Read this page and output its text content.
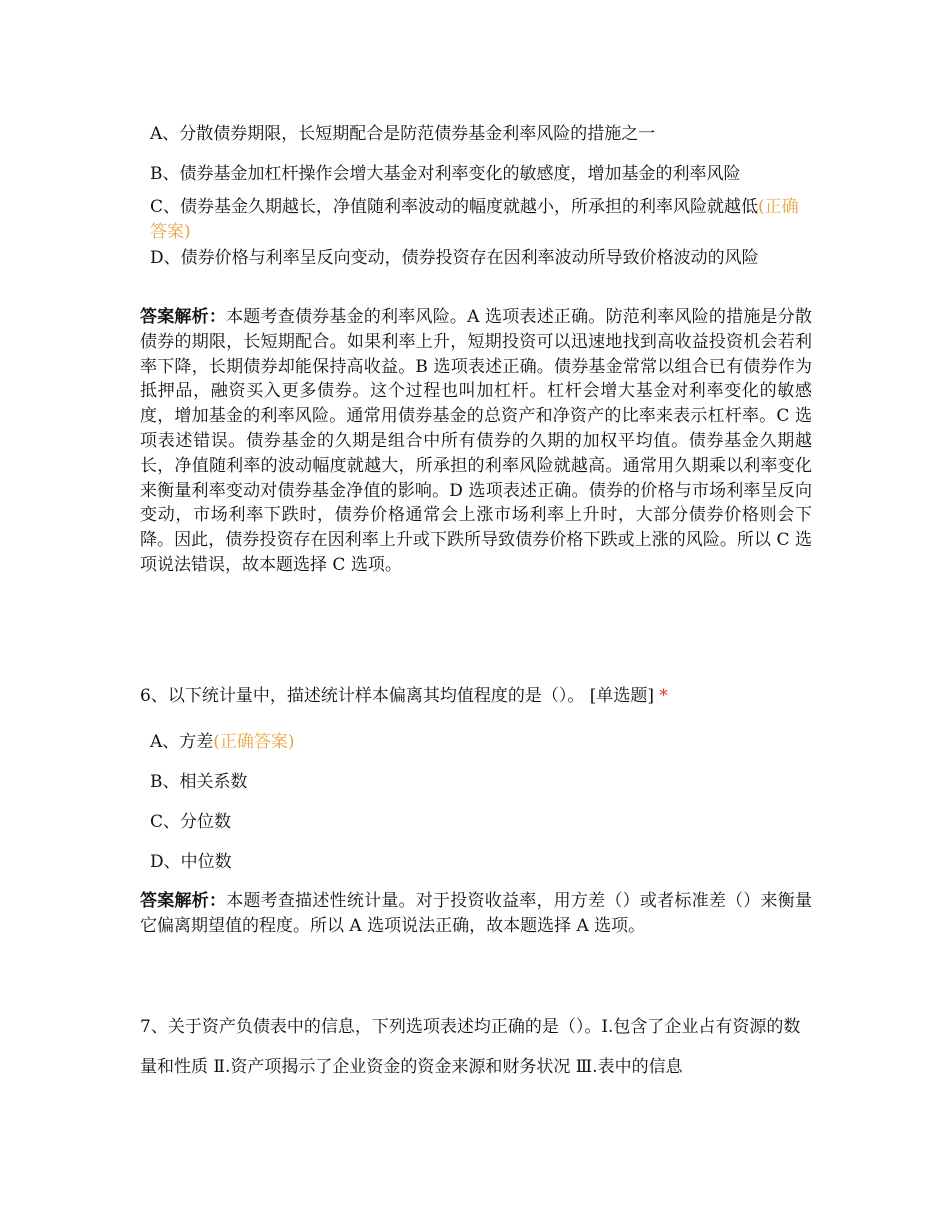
A、分散债券期限，长短期配合是防范债券基金利率风险的措施之一
B、债券基金加杠杆操作会增大基金对利率变化的敏感度，增加基金的利率风险
C、债券基金久期越长，净值随利率波动的幅度就越小，所承担的利率风险就越低(正确答案)
D、债券价格与利率呈反向变动，债券投资存在因利率波动所导致价格波动的风险
答案解析：本题考查债券基金的利率风险。A 选项表述正确。防范利率风险的措施是分散债券的期限，长短期配合。如果利率上升，短期投资可以迅速地找到高收益投资机会若利率下降，长期债券却能保持高收益。B 选项表述正确。债券基金常常以组合已有债券作为抵押品，融资买入更多债券。这个过程也叫加杠杆。杠杆会增大基金对利率变化的敏感度，增加基金的利率风险。通常用债券基金的总资产和净资产的比率来表示杠杆率。C 选项表述错误。债券基金的久期是组合中所有债券的久期的加权平均值。债券基金久期越长，净值随利率的波动幅度就越大，所承担的利率风险就越高。通常用久期乘以利率变化来衡量利率变动对债券基金净值的影响。D 选项表述正确。债券的价格与市场利率呈反向变动，市场利率下跌时，债券价格通常会上涨市场利率上升时，大部分债券价格则会下降。因此，债券投资存在因利率上升或下跌所导致债券价格下跌或上涨的风险。所以 C 选项说法错误，故本题选择 C 选项。
6、以下统计量中，描述统计样本偏离其均值程度的是（）。 [单选题] *
A、方差(正确答案)
B、相关系数
C、分位数
D、中位数
答案解析：本题考查描述性统计量。对于投资收益率，用方差（）或者标准差（）来衡量它偏离期望值的程度。所以 A 选项说法正确，故本题选择 A 选项。
7、关于资产负债表中的信息，下列选项表述均正确的是（）。Ⅰ.包含了企业占有资源的数量和性质 Ⅱ.资产项揭示了企业资金的资金来源和财务状况 Ⅲ.表中的信息
